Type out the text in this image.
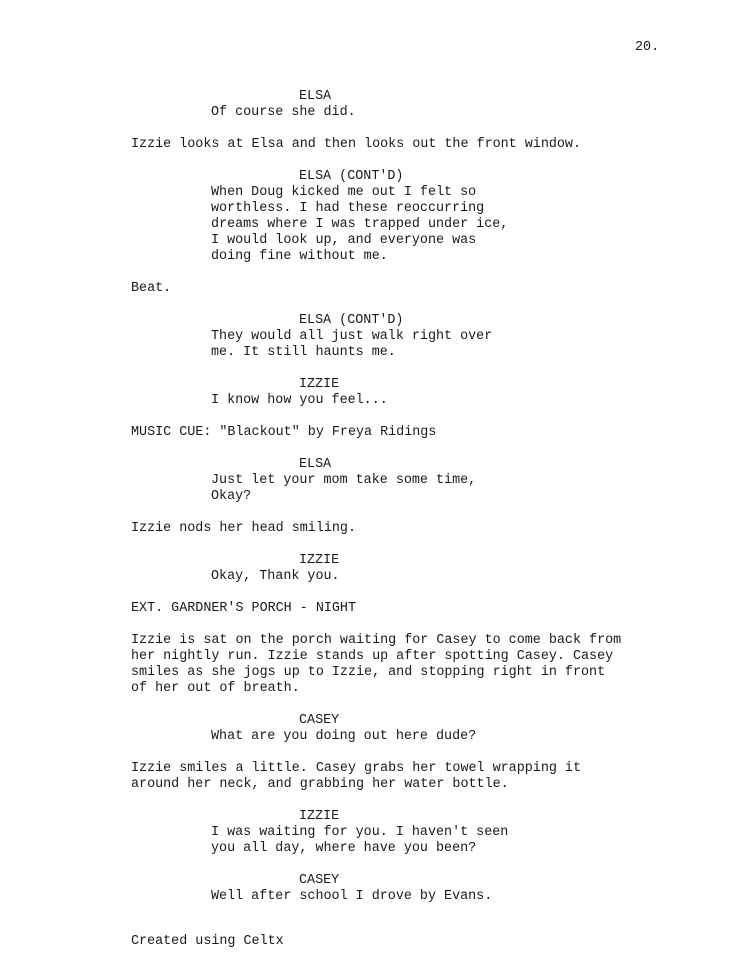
20.
ELSA
Of course she did.
Izzie looks at Elsa and then looks out the front window.
ELSA (CONT'D)
When Doug kicked me out I felt so
worthless. I had these reoccurring
dreams where I was trapped under ice,
I would look up, and everyone was
doing fine without me.
Beat.
ELSA (CONT'D)
They would all just walk right over
me. It still haunts me.
IZZIE
I know how you feel...
MUSIC CUE: "Blackout" by Freya Ridings
ELSA
Just let your mom take some time,
Okay?
Izzie nods her head smiling.
IZZIE
Okay, Thank you.
EXT. GARDNER'S PORCH - NIGHT
Izzie is sat on the porch waiting for Casey to come back from
her nightly run. Izzie stands up after spotting Casey. Casey
smiles as she jogs up to Izzie, and stopping right in front
of her out of breath.
CASEY
What are you doing out here dude?
Izzie smiles a little. Casey grabs her towel wrapping it
around her neck, and grabbing her water bottle.
IZZIE
I was waiting for you. I haven't seen
you all day, where have you been?
CASEY
Well after school I drove by Evans.
Created using Celtx
